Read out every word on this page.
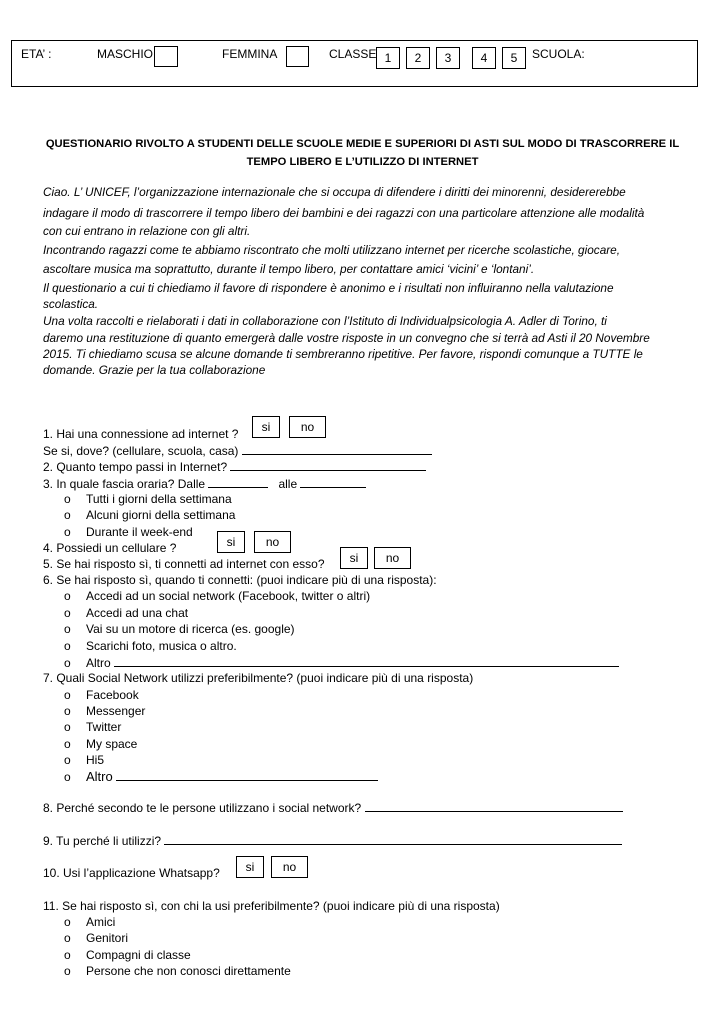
ETA’ :	MASCHIO	FEMMINA	CLASSE 1	2	3	4	5	SCUOLA:
QUESTIONARIO RIVOLTO A STUDENTI DELLE SCUOLE MEDIE E SUPERIORI DI ASTI SUL MODO DI TRASCORRERE IL
TEMPO LIBERO E L’UTILIZZO DI INTERNET
Ciao. L’ UNICEF, l’organizzazione internazionale che si occupa di difendere i diritti dei minorenni, desidererebbe
indagare il modo di trascorrere il tempo libero dei bambini e dei ragazzi con una particolare attenzione alle modalità
con cui entrano in relazione con gli altri.
Incontrando ragazzi come te abbiamo riscontrato che molti utilizzano internet per ricerche scolastiche, giocare,
ascoltare musica ma soprattutto, durante il tempo libero, per contattare amici ‘vicini’ e ‘lontani’.
Il questionario a cui ti chiediamo il favore di rispondere è anonimo e i risultati non influiranno nella valutazione
scolastica.
Una volta raccolti e rielaborati i dati in collaborazione con l’Istituto di Individualpsicologia A. Adler di Torino, ti
daremo una restituzione di quanto emergerà dalle vostre risposte in un convegno che si terrà ad Asti il 20 Novembre
2015. Ti chiediamo scusa se alcune domande ti sembreranno ripetitive. Per favore, rispondi comunque a TUTTE le
domande. Grazie per la tua collaborazione
1. Hai una connessione ad internet ?	si	no
Se si, dove? (cellulare, scuola, casa)
2. Quanto tempo passi in Internet?
3. In quale fascia oraria? Dalle	alle
o Tutti i giorni della settimana
o Alcuni giorni della settimana
o Durante il week-end
4. Possiedi un cellulare ?	si	no
5. Se hai risposto sì, ti connetti ad internet con esso?	si	no
6. Se hai risposto sì, quando ti connetti: (puoi indicare più di una risposta):
o Accedi ad un social network (Facebook, twitter o altri)
o Accedi ad una chat
o Vai su un motore di ricerca (es. google)
o Scarichi foto, musica o altro.
o Altro
7. Quali Social Network utilizzi preferibilmente? (puoi indicare più di una risposta)
o Facebook
o Messenger
o Twitter
o My space
o Hi5
o Altro
8. Perché secondo te le persone utilizzano i social network?
9. Tu perché li utilizzi?
10. Usi l’applicazione Whatsapp?	si	no
11. Se hai risposto sì, con chi la usi preferibilmente? (puoi indicare più di una risposta)
o Amici
o Genitori
o Compagni di classe
o Persone che non conosci direttamente
